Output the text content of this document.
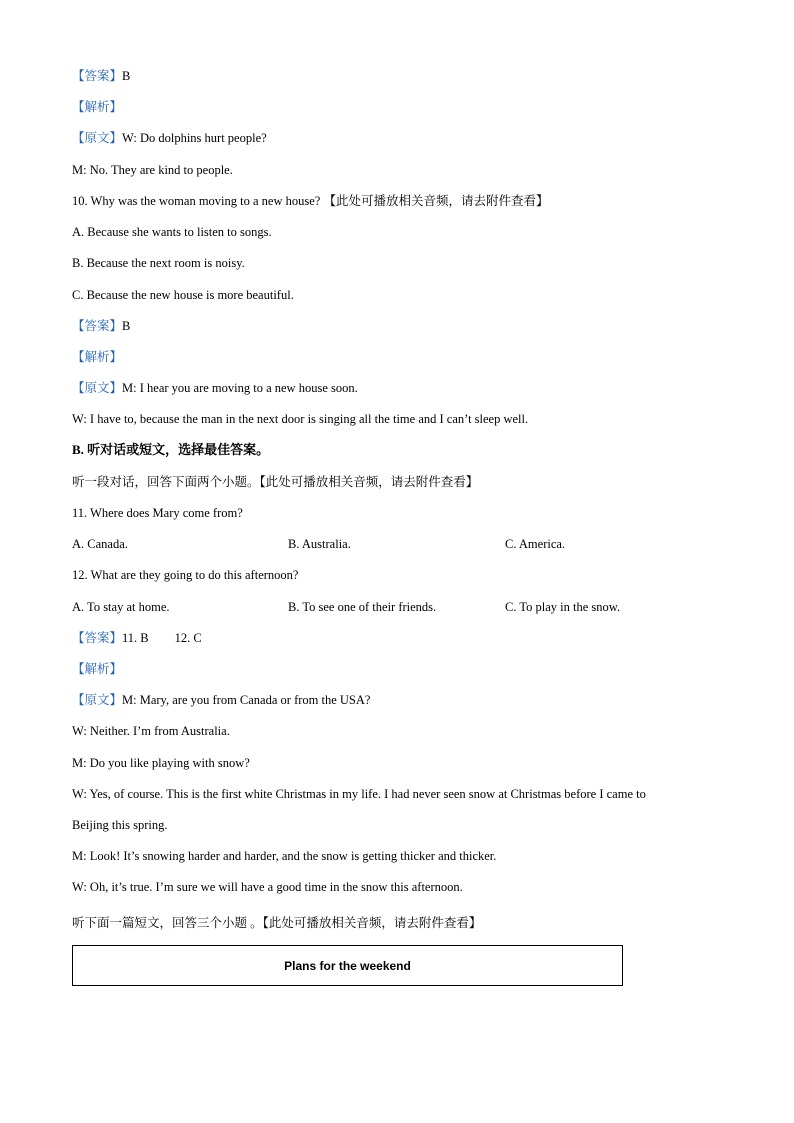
【答案】B
【解析】
【原文】W: Do dolphins hurt people?
M: No. They are kind to people.
10. Why was the woman moving to a new house? 【此处可播放相关音频，请去附件查看】
A. Because she wants to listen to songs.
B. Because the next room is noisy.
C. Because the new house is more beautiful.
【答案】B
【解析】
【原文】M: I hear you are moving to a new house soon.
W: I have to, because the man in the next door is singing all the time and I can’t sleep well.
B. 听对话或短文，选择最佳答案。
听一段对话，回答下面两个小题。【此处可播放相关音频，请去附件查看】
11. Where does Mary come from?
A. Canada.	B. Australia.	C. America.
12. What are they going to do this afternoon?
A. To stay at home.	B. To see one of their friends.	C. To play in the snow.
【答案】11. B 12. C
【解析】
【原文】M: Mary, are you from Canada or from the USA?
W: Neither. I’m from Australia.
M: Do you like playing with snow?
W: Yes, of course. This is the first white Christmas in my life. I had never seen snow at Christmas before I came to
Beijing this spring.
M: Look! It’s snowing harder and harder, and the snow is getting thicker and thicker.
W: Oh, it’s true. I’m sure we will have a good time in the snow this afternoon.
听下面一篇短文，回答三个小题 。【此处可播放相关音频，请去附件查看】
Plans for the weekend
